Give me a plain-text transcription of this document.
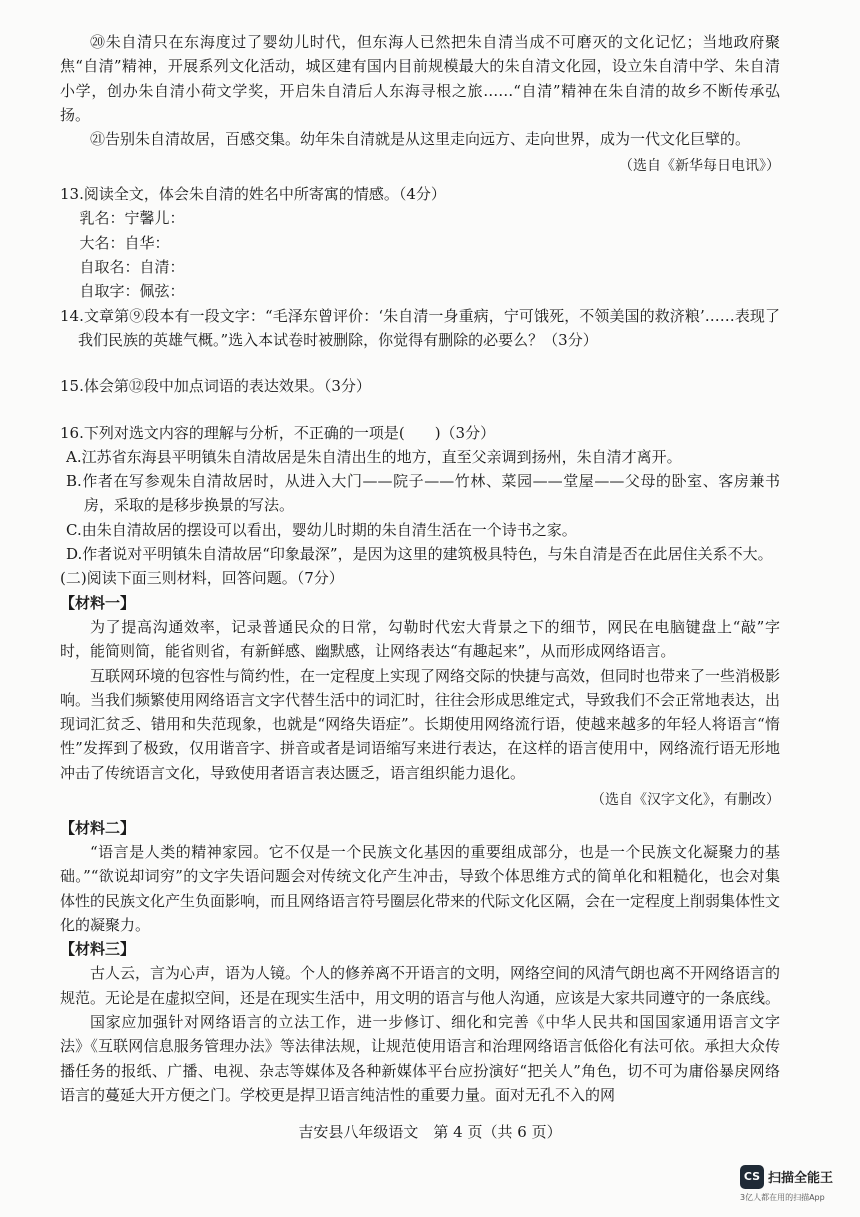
⑳朱自清只在东海度过了婴幼儿时代，但东海人已然把朱自清当成不可磨灭的文化记忆；当地政府聚焦“自清”精神，开展系列文化活动，城区建有国内目前规模最大的朱自清文化园，设立朱自清中学、朱自清小学，创办朱自清小荷文学奖，开启朱自清后人东海寻根之旅……“自清”精神在朱自清的故乡不断传承弘扬。

㉑告别朱自清故居，百感交集。幼年朱自清就是从这里走向远方、走向世界，成为一代文化巨擘的。

（选自《新华每日电讯》）

13.阅读全文，体会朱自清的姓名中所寄寓的情感。（4分）

乳名：宁馨儿：

大名：自华：

自取名：自清：

自取字：佩弦：

14.文章第⑨段本有一段文字：“毛泽东曾评价：‘朱自清一身重病，宁可饿死，不领美国的救济粮’……表现了我们民族的英雄气概。”选入本试卷时被删除，你觉得有删除的必要么？（3分）

15.体会第⑫段中加点词语的表达效果。（3分）

16.下列对选文内容的理解与分析，不正确的一项是(　　)（3分）

A.江苏省东海县平明镇朱自清故居是朱自清出生的地方，直至父亲调到扬州，朱自清才离开。

B.作者在写参观朱自清故居时，从进入大门——院子——竹林、菜园——堂屋——父母的卧室、客房兼书房，采取的是移步换景的写法。

C.由朱自清故居的摆设可以看出，婴幼儿时期的朱自清生活在一个诗书之家。

D.作者说对平明镇朱自清故居“印象最深”，是因为这里的建筑极具特色，与朱自清是否在此居住关系不大。

(二)阅读下面三则材料，回答问题。（7分）

【材料一】

为了提高沟通效率，记录普通民众的日常，勾勒时代宏大背景之下的细节，网民在电脑键盘上“敲”字时，能简则简，能省则省，有新鲜感、幽默感，让网络表达“有趣起来”，从而形成网络语言。

互联网环境的包容性与简约性，在一定程度上实现了网络交际的快捷与高效，但同时也带来了一些消极影响。当我们频繁使用网络语言文字代替生活中的词汇时，往往会形成思维定式，导致我们不会正常地表达，出现词汇贫乏、错用和失范现象，也就是“网络失语症”。长期使用网络流行语，使越来越多的年轻人将语言“惰性”发挥到了极致，仅用谐音字、拼音或者是词语缩写来进行表达，在这样的语言使用中，网络流行语无形地冲击了传统语言文化，导致使用者语言表达匮乏，语言组织能力退化。

（选自《汉字文化》，有删改）

【材料二】

“语言是人类的精神家园。它不仅是一个民族文化基因的重要组成部分，也是一个民族文化凝聚力的基础。”“欲说却词穷”的文字失语问题会对传统文化产生冲击，导致个体思维方式的简单化和粗糙化，也会对集体性的民族文化产生负面影响，而且网络语言符号圈层化带来的代际文化区隔，会在一定程度上削弱集体性文化的凝聚力。

【材料三】

古人云，言为心声，语为人镜。个人的修养离不开语言的文明，网络空间的风清气朗也离不开网络语言的规范。无论是在虚拟空间，还是在现实生活中，用文明的语言与他人沟通，应该是大家共同遵守的一条底线。

国家应加强针对网络语言的立法工作，进一步修订、细化和完善《中华人民共和国国家通用语言文字法》《互联网信息服务管理办法》等法律法规，让规范使用语言和治理网络语言低俗化有法可依。承担大众传播任务的报纸、广播、电视、杂志等媒体及各种新媒体平台应扮演好“把关人”角色，切不可为庸俗暴戾网络语言的蔓延大开方便之门。学校更是捍卫语言纯洁性的重要力量。面对无孔不入的网

吉安县八年级语文　第 4 页（共 6 页）
CS 扫描全能王
3亿人都在用的扫描App
